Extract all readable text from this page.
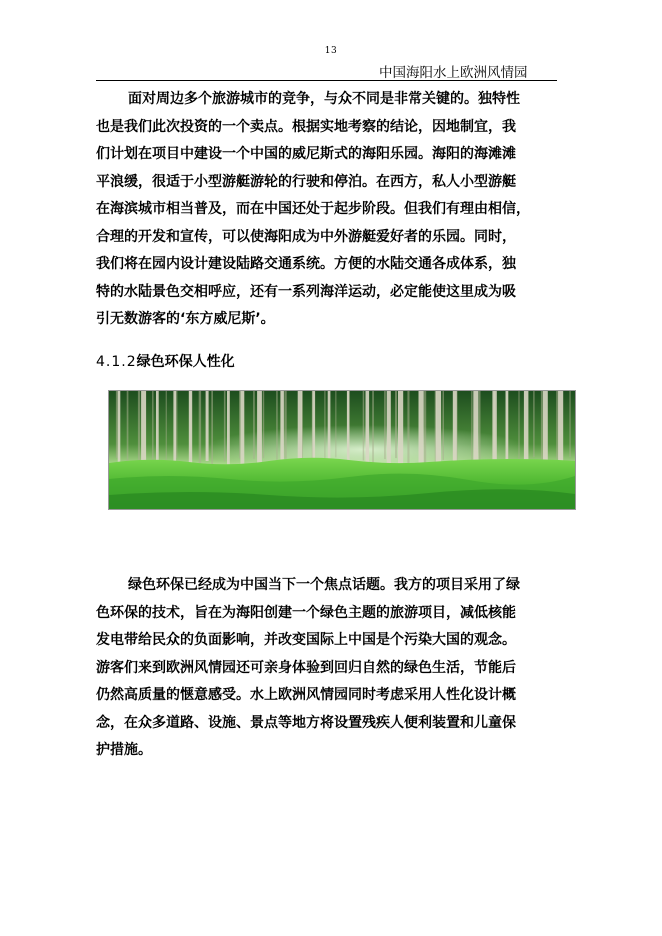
13
中国海阳水上欧洲风情园

面对周边多个旅游城市的竞争，与众不同是非常关键的。独特性
也是我们此次投资的一个卖点。根据实地考察的结论，因地制宜，我
们计划在项目中建设一个中国的威尼斯式的海阳乐园。海阳的海滩滩
平浪缓，很适于小型游艇游轮的行驶和停泊。在西方，私人小型游艇
在海滨城市相当普及，而在中国还处于起步阶段。但我们有理由相信，
合理的开发和宣传，可以使海阳成为中外游艇爱好者的乐园。同时，
我们将在园内设计建设陆路交通系统。方便的水陆交通各成体系，独
特的水陆景色交相呼应，还有一系列海洋运动，必定能使这里成为吸
引无数游客的‘东方威尼斯’。

4.1.2绿色环保人性化

绿色环保已经成为中国当下一个焦点话题。我方的项目采用了绿
色环保的技术，旨在为海阳创建一个绿色主题的旅游项目，减低核能
发电带给民众的负面影响，并改变国际上中国是个污染大国的观念。
游客们来到欧洲风情园还可亲身体验到回归自然的绿色生活，节能后
仍然高质量的惬意感受。水上欧洲风情园同时考虑采用人性化设计概
念，在众多道路、设施、景点等地方将设置残疾人便利装置和儿童保
护措施。
